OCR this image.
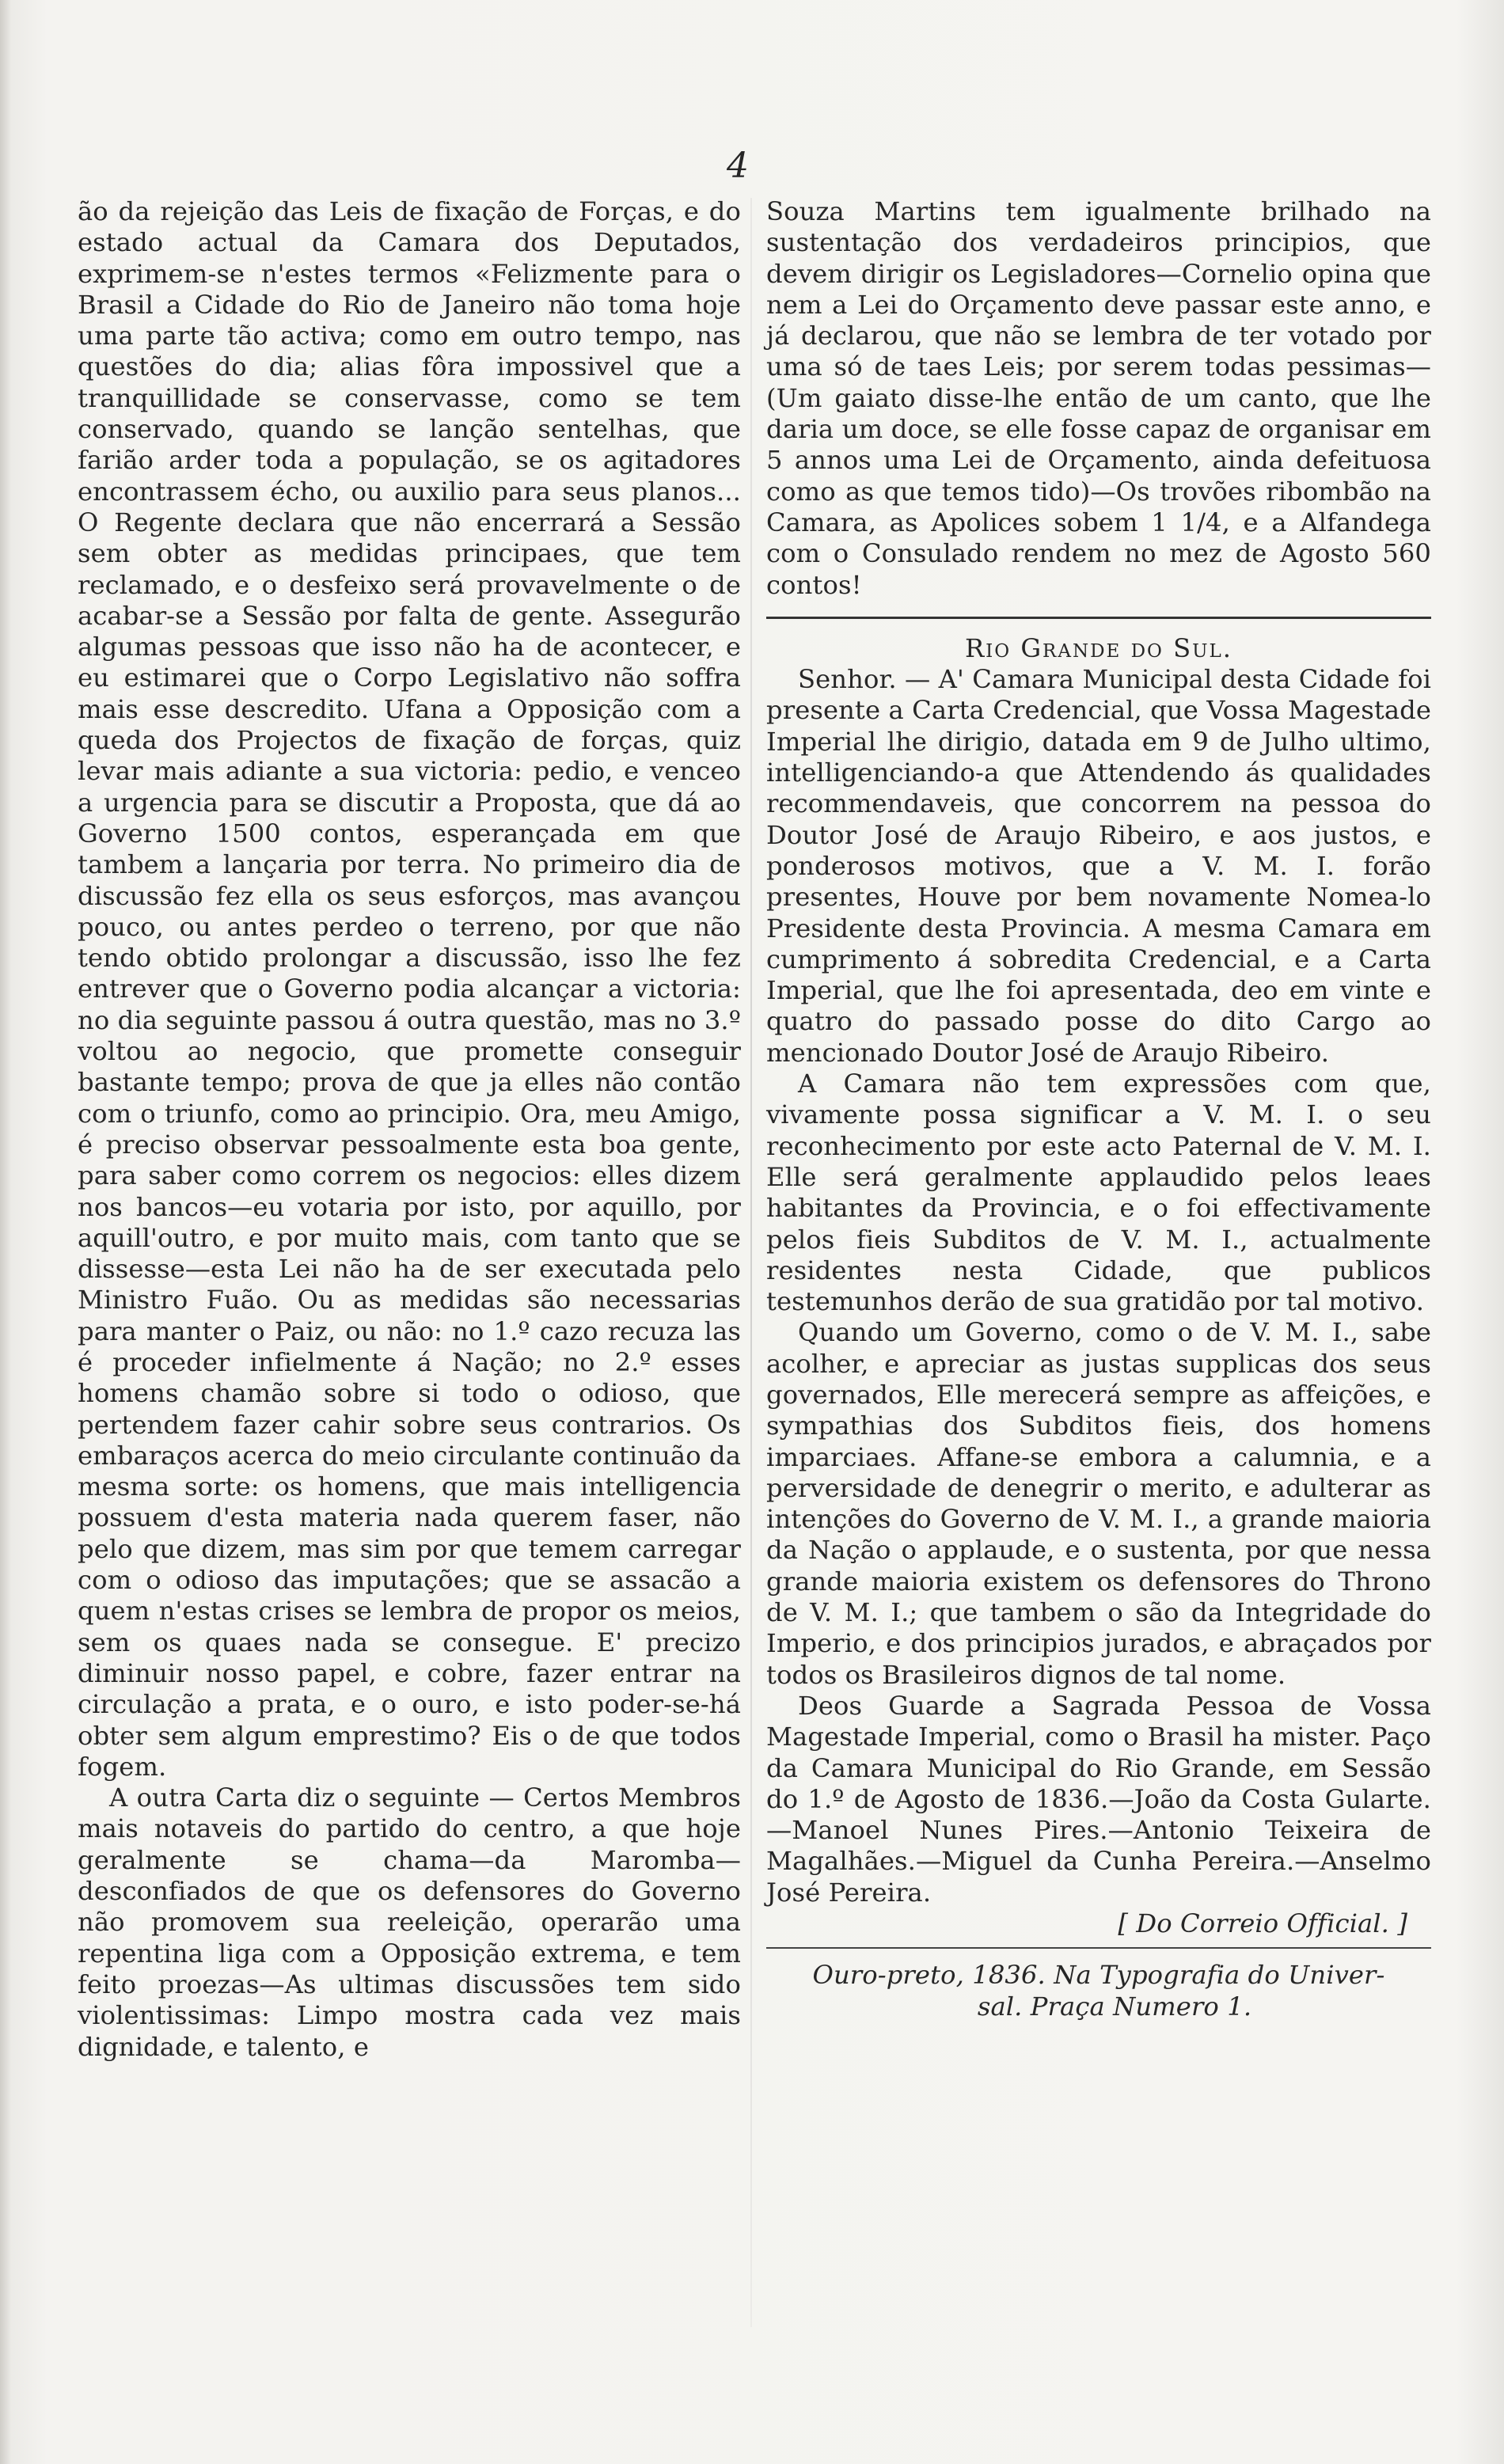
4

ão da rejeição das Leis de fixação de Forças, e do estado actual da Camara dos Deputados, exprimem-se n'estes termos «Felizmente para o Brasil a Cidade do Rio de Janeiro não toma hoje uma parte tão activa; como em outro tempo, nas questões do dia; alias fôra impossivel que a tranquillidade se conservasse, como se tem conservado, quando se lanção sentelhas, que farião arder toda a população, se os agitadores encontrassem écho, ou auxilio para seus planos... O Regente declara que não encerrará a Sessão sem obter as medidas principaes, que tem reclamado, e o desfeixo será provavelmente o de acabar-se a Sessão por falta de gente. Assegurão algumas pessoas que isso não ha de acontecer, e eu estimarei que o Corpo Legislativo não soffra mais esse descredito. Ufana a Opposição com a queda dos Projectos de fixação de forças, quiz levar mais adiante a sua victoria: pedio, e venceo a urgencia para se discutir a Proposta, que dá ao Governo 1500 contos, esperançada em que tambem a lançaria por terra. No primeiro dia de discussão fez ella os seus esforços, mas avançou pouco, ou antes perdeo o terreno, por que não tendo obtido prolongar a discussão, isso lhe fez entrever que o Governo podia alcançar a victoria: no dia seguinte passou á outra questão, mas no 3.º voltou ao negocio, que promette conseguir bastante tempo; prova de que ja elles não contão com o triunfo, como ao principio. Ora, meu Amigo, é preciso observar pessoalmente esta boa gente, para saber como correm os negocios: elles dizem nos bancos—eu votaria por isto, por aquillo, por aquill'outro, e por muito mais, com tanto que se dissesse—esta Lei não ha de ser executada pelo Ministro Fuão. Ou as medidas são necessarias para manter o Paiz, ou não: no 1.º cazo recuza las é proceder infielmente á Nação; no 2.º esses homens chamão sobre si todo o odioso, que pertendem fazer cahir sobre seus contrarios. Os embaraços acerca do meio circulante continuão da mesma sorte: os homens, que mais intelligencia possuem d'esta materia nada querem faser, não pelo que dizem, mas sim por que temem carregar com o odioso das imputações; que se assacão a quem n'estas crises se lembra de propor os meios, sem os quaes nada se consegue. E' precizo diminuir nosso papel, e cobre, fazer entrar na circulação a prata, e o ouro, e isto poder-se-há obter sem algum emprestimo? Eis o de que todos fogem.

A outra Carta diz o seguinte — Certos Membros mais notaveis do partido do centro, a que hoje geralmente se chama—da Maromba—desconfiados de que os defensores do Governo não promovem sua reeleição, operarão uma repentina liga com a Opposição extrema, e tem feito proezas—As ultimas discussões tem sido violentissimas: Limpo mostra cada vez mais dignidade, e talento, e

Souza Martins tem igualmente brilhado na sustentação dos verdadeiros principios, que devem dirigir os Legisladores—Cornelio opina que nem a Lei do Orçamento deve passar este anno, e já declarou, que não se lembra de ter votado por uma só de taes Leis; por serem todas pessimas—(Um gaiato disse-lhe então de um canto, que lhe daria um doce, se elle fosse capaz de organisar em 5 annos uma Lei de Orçamento, ainda defeituosa como as que temos tido)—Os trovões ribombão na Camara, as Apolices sobem 1 1/4, e a Alfandega com o Consulado rendem no mez de Agosto 560 contos!

Rio Grande do Sul.

Senhor. — A' Camara Municipal desta Cidade foi presente a Carta Credencial, que Vossa Magestade Imperial lhe dirigio, datada em 9 de Julho ultimo, intelligenciando-a que Attendendo ás qualidades recommendaveis, que concorrem na pessoa do Doutor José de Araujo Ribeiro, e aos justos, e ponderosos motivos, que a V. M. I. forão presentes, Houve por bem novamente Nomea-lo Presidente desta Provincia. A mesma Camara em cumprimento á sobredita Credencial, e a Carta Imperial, que lhe foi apresentada, deo em vinte e quatro do passado posse do dito Cargo ao mencionado Doutor José de Araujo Ribeiro.

A Camara não tem expressões com que, vivamente possa significar a V. M. I. o seu reconhecimento por este acto Paternal de V. M. I. Elle será geralmente applaudido pelos leaes habitantes da Provincia, e o foi effectivamente pelos fieis Subditos de V. M. I., actualmente residentes nesta Cidade, que publicos testemunhos derão de sua gratidão por tal motivo.

Quando um Governo, como o de V. M. I., sabe acolher, e apreciar as justas supplicas dos seus governados, Elle merecerá sempre as affeições, e sympathias dos Subditos fieis, dos homens imparciaes. Affane-se embora a calumnia, e a perversidade de denegrir o merito, e adulterar as intenções do Governo de V. M. I., a grande maioria da Nação o applaude, e o sustenta, por que nessa grande maioria existem os defensores do Throno de V. M. I.; que tambem o são da Integridade do Imperio, e dos principios jurados, e abraçados por todos os Brasileiros dignos de tal nome.

Deos Guarde a Sagrada Pessoa de Vossa Magestade Imperial, como o Brasil ha mister. Paço da Camara Municipal do Rio Grande, em Sessão do 1.º de Agosto de 1836.—João da Costa Gularte.—Manoel Nunes Pires.—Antonio Teixeira de Magalhães.—Miguel da Cunha Pereira.—Anselmo José Pereira.

[ Do Correio Official. ]

Ouro-preto, 1836. Na Typografia do Univer-
sal. Praça Numero 1.
